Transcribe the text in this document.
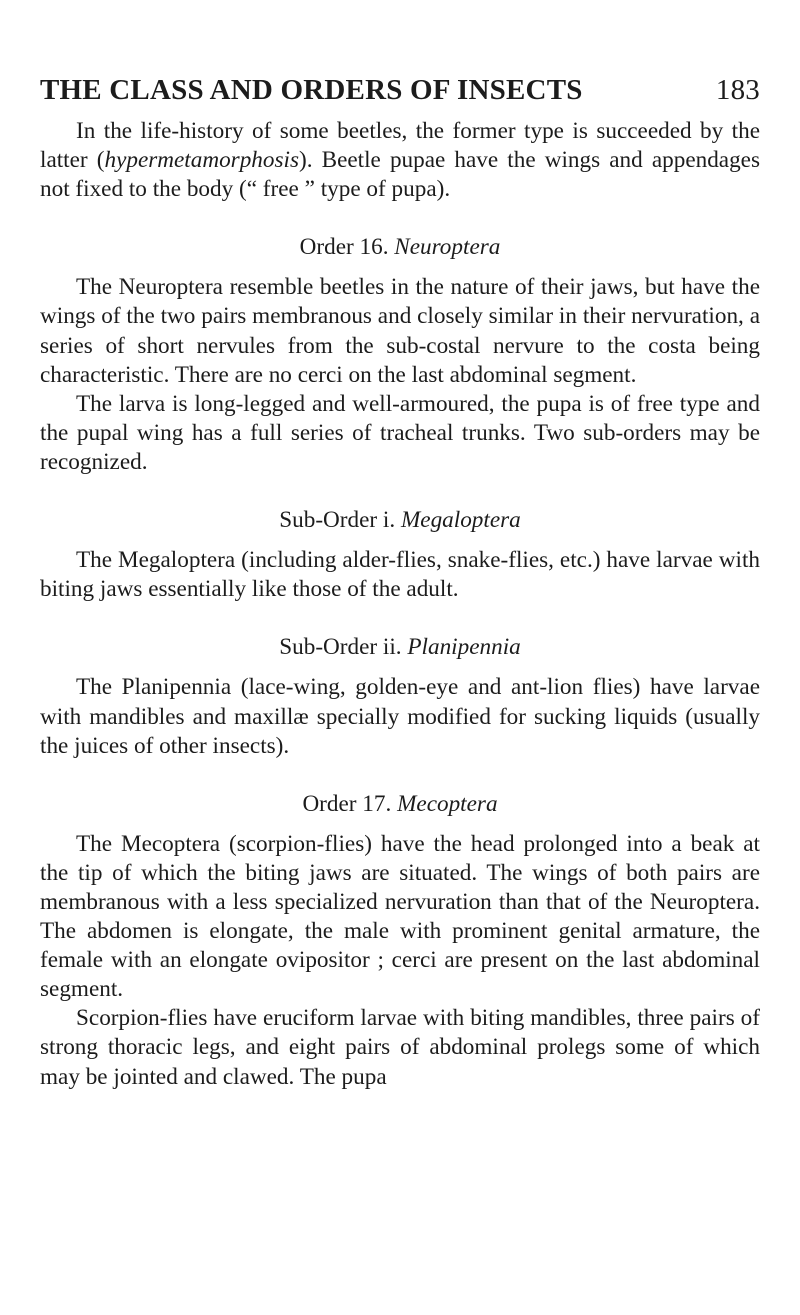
THE CLASS AND ORDERS OF INSECTS	183

In the life-history of some beetles, the former type is succeeded by the latter (hypermetamorphosis). Beetle pupae have the wings and appendages not fixed to the body (“ free ” type of pupa).

Order 16. Neuroptera

The Neuroptera resemble beetles in the nature of their jaws, but have the wings of the two pairs membranous and closely similar in their nervuration, a series of short nervules from the sub-costal nervure to the costa being characteristic. There are no cerci on the last abdominal segment.

The larva is long-legged and well-armoured, the pupa is of free type and the pupal wing has a full series of tracheal trunks. Two sub-orders may be recognized.

Sub-Order i. Megaloptera

The Megaloptera (including alder-flies, snake-flies, etc.) have larvae with biting jaws essentially like those of the adult.

Sub-Order ii. Planipennia

The Planipennia (lace-wing, golden-eye and ant-lion flies) have larvae with mandibles and maxillæ specially modified for sucking liquids (usually the juices of other insects).

Order 17. Mecoptera

The Mecoptera (scorpion-flies) have the head prolonged into a beak at the tip of which the biting jaws are situated. The wings of both pairs are membranous with a less specialized nervuration than that of the Neuroptera. The abdomen is elongate, the male with prominent genital armature, the female with an elongate ovipositor ; cerci are present on the last abdominal segment.

Scorpion-flies have eruciform larvae with biting mandibles, three pairs of strong thoracic legs, and eight pairs of abdominal prolegs some of which may be jointed and clawed. The pupa
